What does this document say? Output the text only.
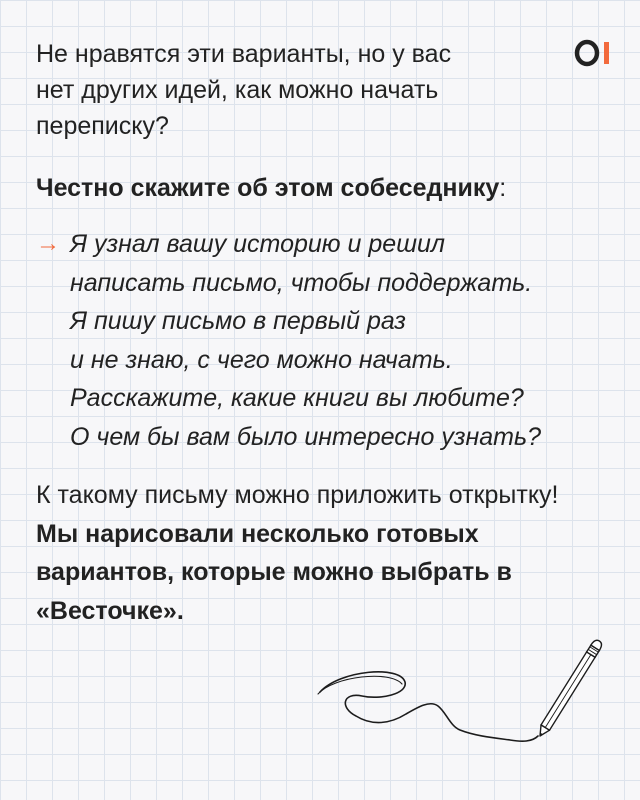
Не нравятся эти варианты, но у вас
нет других идей, как можно начать
переписку?
Честно скажите об этом собеседнику:
→ Я узнал вашу историю и решил
написать письмо, чтобы поддержать.
Я пишу письмо в первый раз
и не знаю, с чего можно начать.
Расскажите, какие книги вы любите?
О чем бы вам было интересно узнать?

К такому письму можно приложить открытку! Мы нарисовали несколько готовых вариантов, которые можно выбрать в «Весточке».
